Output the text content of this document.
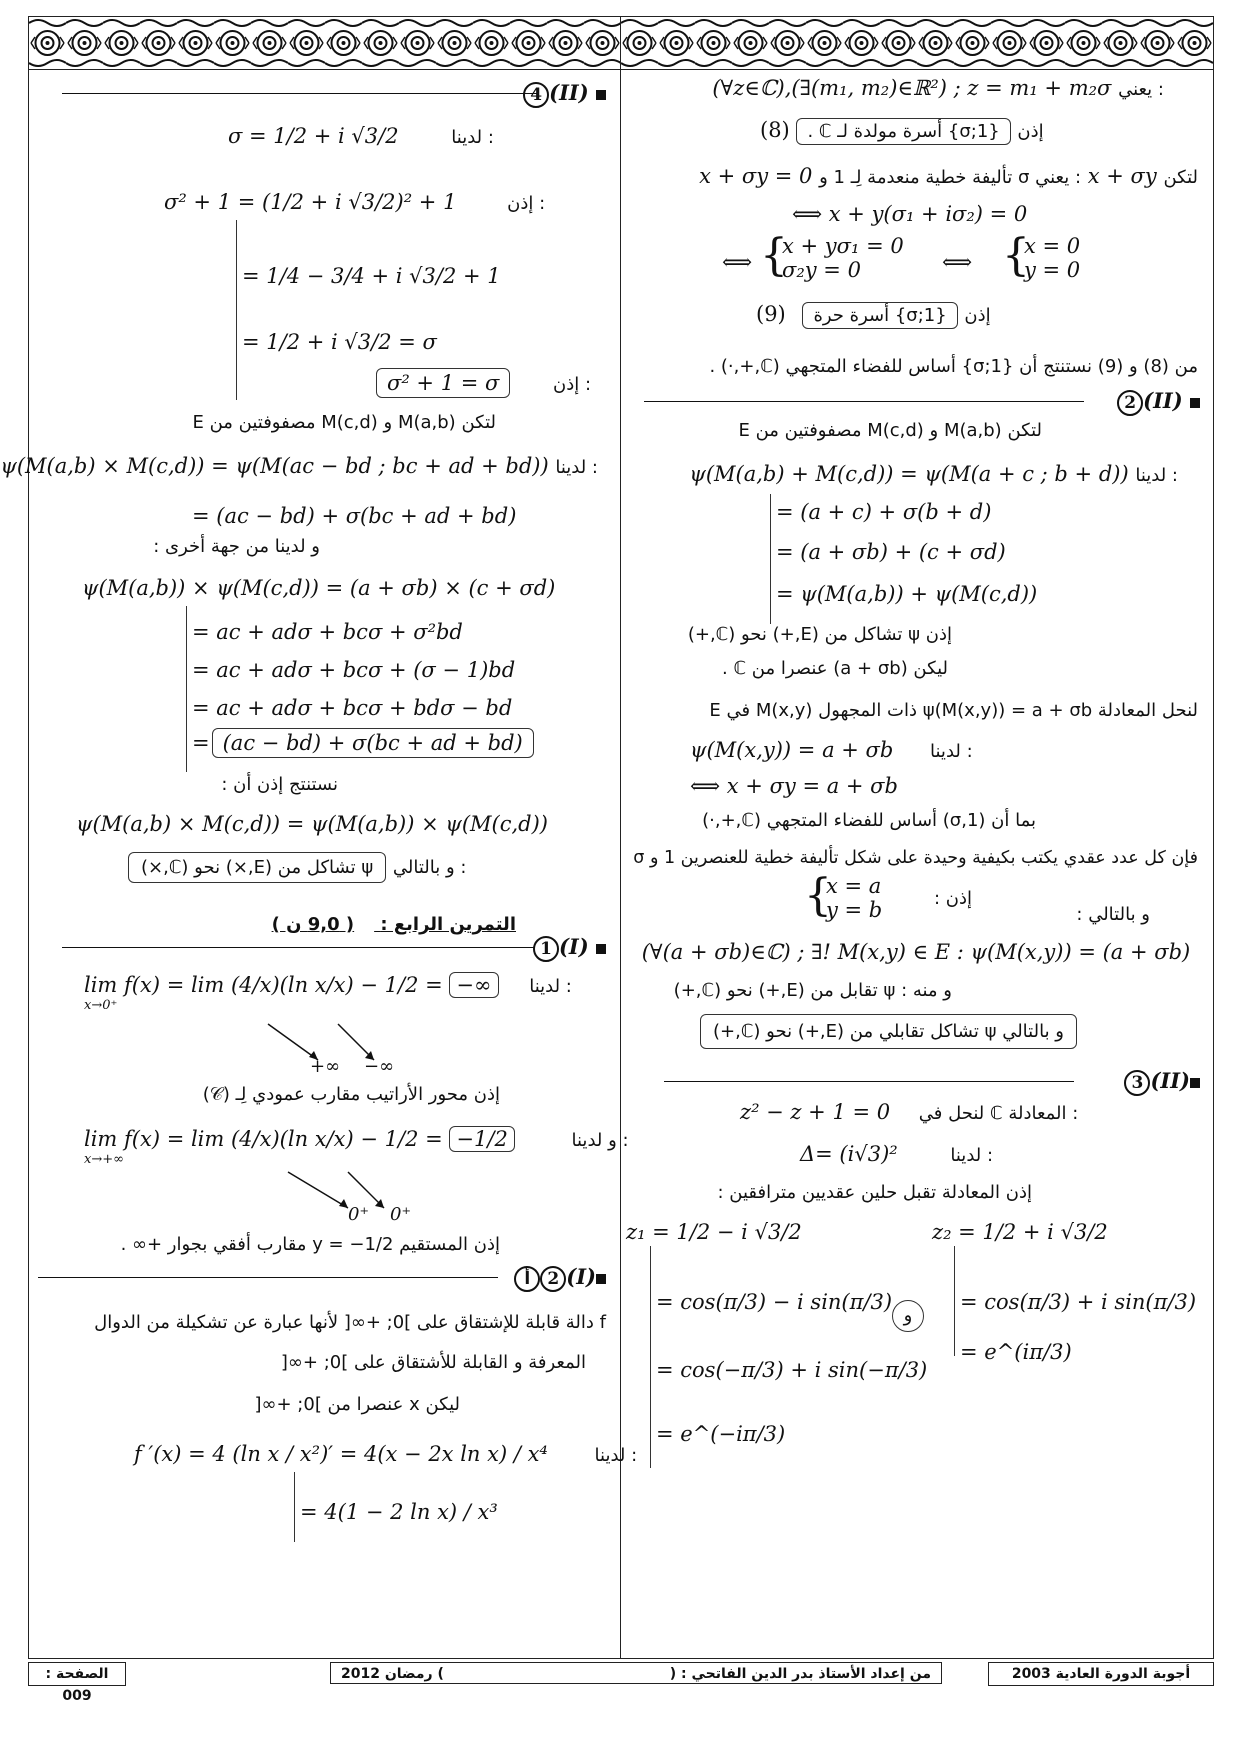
(∀z∈ℂ),(∃(m₁, m₂)∈ℝ²) ; z = m₁ + m₂σ يعني :
(8) {1;σ} أسرة مولدة لـ ℂ . إذن
x + σy = 0 تأليفة خطية منعدمة لِـ 1 و σ يعني : x + σy لتكن
⟺ x + y(σ₁ + iσ₂) = 0
⟺ {
x + yσ₁ = 0
σ₂y = 0	⟺ {
x = 0
y = 0
(9) {1;σ} أسرة حرة إذن
من (8) و (9) نستنتج أن {1;σ} أساس للفضاء المتجهي (ℂ,+,·) .
2 (II)
لتكن M(a,b) و M(c,d) مصفوفتين من E
ψ(M(a,b) + M(c,d)) = ψ(M(a + c ; b + d)) لدينا :
= (a + c) + σ(b + d)
= (a + σb) + (c + σd)
= ψ(M(a,b)) + ψ(M(c,d))
إذن ψ تشاكل من (E,+) نحو (ℂ,+)
ليكن (a + σb) عنصرا من ℂ .
لنحل المعادلة ψ(M(x,y)) = a + σb ذات المجهول M(x,y) في E
ψ(M(x,y)) = a + σb لدينا :
⟺ x + σy = a + σb
بما أن (1,σ) أساس للفضاء المتجهي (ℂ,+,·)
فإن كل عدد عقدي يكتب بكيفية وحيدة على شكل تأليفة خطية للعنصرين 1 و σ
{
x = a
y = b	إذن :
و بالتالي :
(∀(a + σb)∈ℂ) ; ∃! M(x,y) ∈ E : ψ(M(x,y)) = (a + σb)
و منه : ψ تقابل من (E,+) نحو (ℂ,+)
و بالتالي ψ تشاكل تقابلي من (E,+) نحو (ℂ,+)
3 (II)
z² − z + 1 = 0 لنحل في ℂ المعادلة :
Δ= (i√3)²	لدينا :
إذن المعادلة تقبل حلين عقديين مترافقين :
z₁ = 1/2 − i √3/2
= cos(π/3) − i sin(π/3)
= cos(−π/3) + i sin(−π/3)
= e^(−iπ/3)
و
z₂ = 1/2 + i √3/2
= cos(π/3) + i sin(π/3)
= e^(iπ/3)
4 (II)
σ = 1/2 + i √3/2	لدينا :
σ² + 1 = (1/2 + i √3/2)² + 1	إذن :
= 1/4 − 3/4 + i √3/2 + 1
= 1/2 + i √3/2 = σ
σ² + 1 = σ	إذن :
لتكن M(a,b) و M(c,d) مصفوفتين من E
ψ(M(a,b) × M(c,d)) = ψ(M(ac − bd ; bc + ad + bd)) لدينا :
= (ac − bd) + σ(bc + ad + bd)
و لدينا من جهة أخرى :
ψ(M(a,b)) × ψ(M(c,d)) = (a + σb) × (c + σd)
= ac + adσ + bcσ + σ²bd
= ac + adσ + bcσ + (σ − 1)bd
= ac + adσ + bcσ + bdσ − bd
= (ac − bd) + σ(bc + ad + bd)
نستنتج إذن أن :
ψ(M(a,b) × M(c,d)) = ψ(M(a,b)) × ψ(M(c,d))
ψ تشاكل من (E,×) نحو (ℂ,×) و بالتالي :
التمرين الرابع : ( 9,0 ن )
1 (I)
lim f(x) = lim (4/x)(ln x/x) − 1/2 = −∞ لدينا :
x→0⁺
+∞ −∞
إذن محور الأراتيب مقارب عمودي لِـ (𝒞)
lim f(x) = lim (4/x)(ln x/x) − 1/2 = −1/2	و لدينا :
x→+∞
0⁺ 0⁺
إذن المستقيم y = −1/2 مقارب أفقي بجوار +∞ .
أ 2 (I)
f دالة قابلة للإشتقاق على ]0; +∞[ لأنها عبارة عن تشكيلة من الدوال
المعرفة و القابلة للأشتقاق على ]0; +∞[
ليكن x عنصرا من ]0; +∞[
f ′(x) = 4 (ln x / x²)′ = 4(x − 2x ln x) / x⁴	لدينا :
= 4(1 − 2 ln x) / x³
أجوبة الدورة العادية 2003
من إعداد الأستاذ بدر الدين الفاتحي : (
) رمضان 2012
الصفحة : 009
